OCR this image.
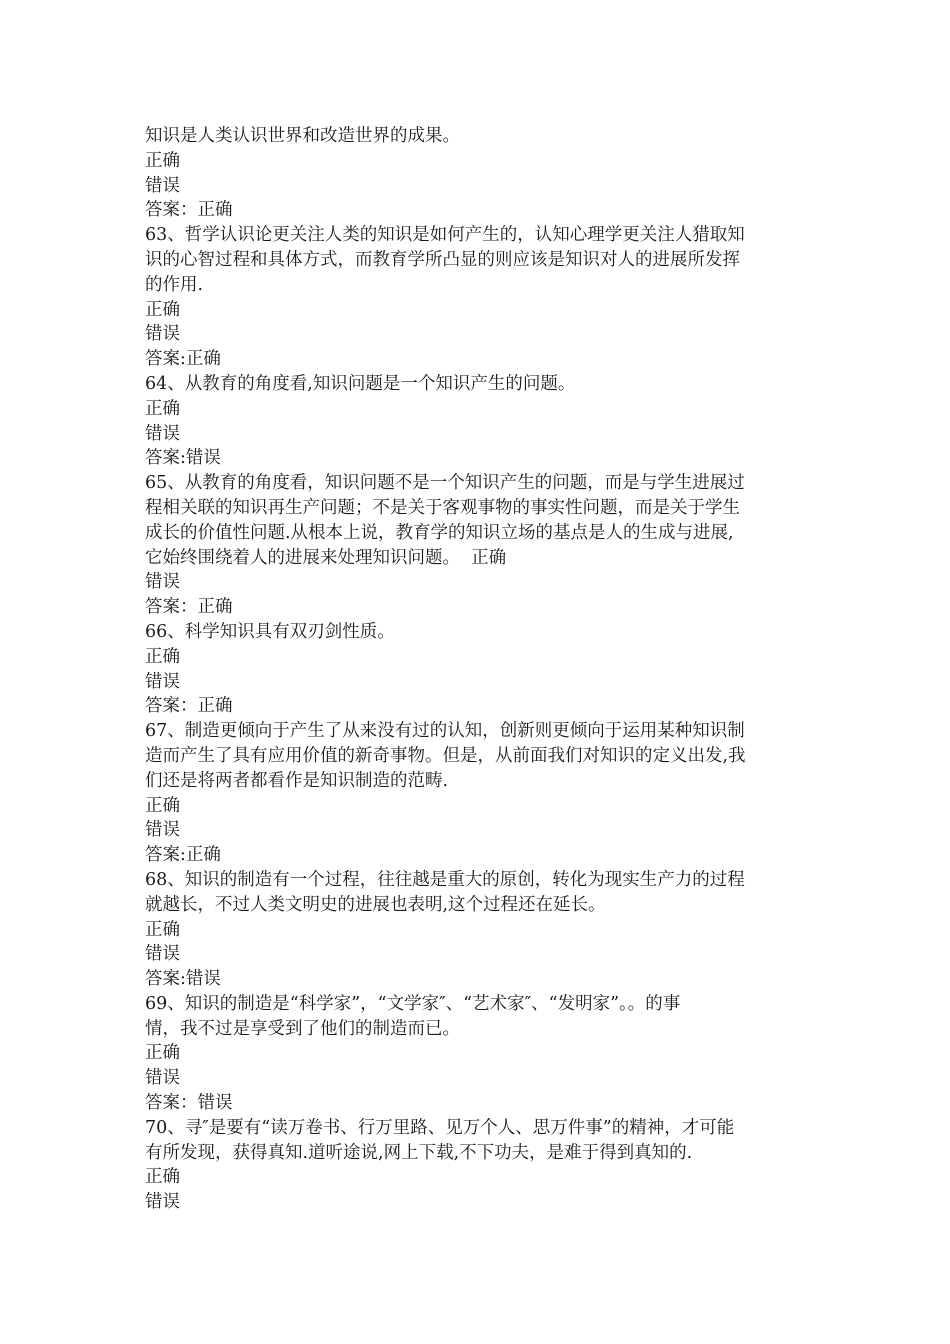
知识是人类认识世界和改造世界的成果。

正确

错误

答案：正确

63、哲学认识论更关注人类的知识是如何产生的，认知心理学更关注人猎取知

识的心智过程和具体方式，而教育学所凸显的则应该是知识对人的进展所发挥

的作用.

正确

错误

答案:正确

64、从教育的角度看,知识问题是一个知识产生的问题。

正确

错误

答案:错误

65、从教育的角度看，知识问题不是一个知识产生的问题，而是与学生进展过

程相关联的知识再生产问题；不是关于客观事物的事实性问题，而是关于学生

成长的价值性问题.从根本上说，教育学的知识立场的基点是人的生成与进展,

它始终围绕着人的进展来处理知识问题。  正确

错误

答案：正确

66、科学知识具有双刃剑性质。

正确

错误

答案：正确

67、制造更倾向于产生了从来没有过的认知，创新则更倾向于运用某种知识制

造而产生了具有应用价值的新奇事物。但是，从前面我们对知识的定义出发,我

们还是将两者都看作是知识制造的范畴.

正确

错误

答案:正确

68、知识的制造有一个过程，往往越是重大的原创，转化为现实生产力的过程

就越长，不过人类文明史的进展也表明,这个过程还在延长。

正确

错误

答案:错误

69、知识的制造是“科学家”，“文学家″、“艺术家″、“发明家”。。的事

情，我不过是享受到了他们的制造而已。

正确

错误

答案：错误

70、寻″是要有“读万卷书、行万里路、见万个人、思万件事”的精神，才可能

有所发现，获得真知.道听途说,网上下载,不下功夫，是难于得到真知的.

正确

错误
